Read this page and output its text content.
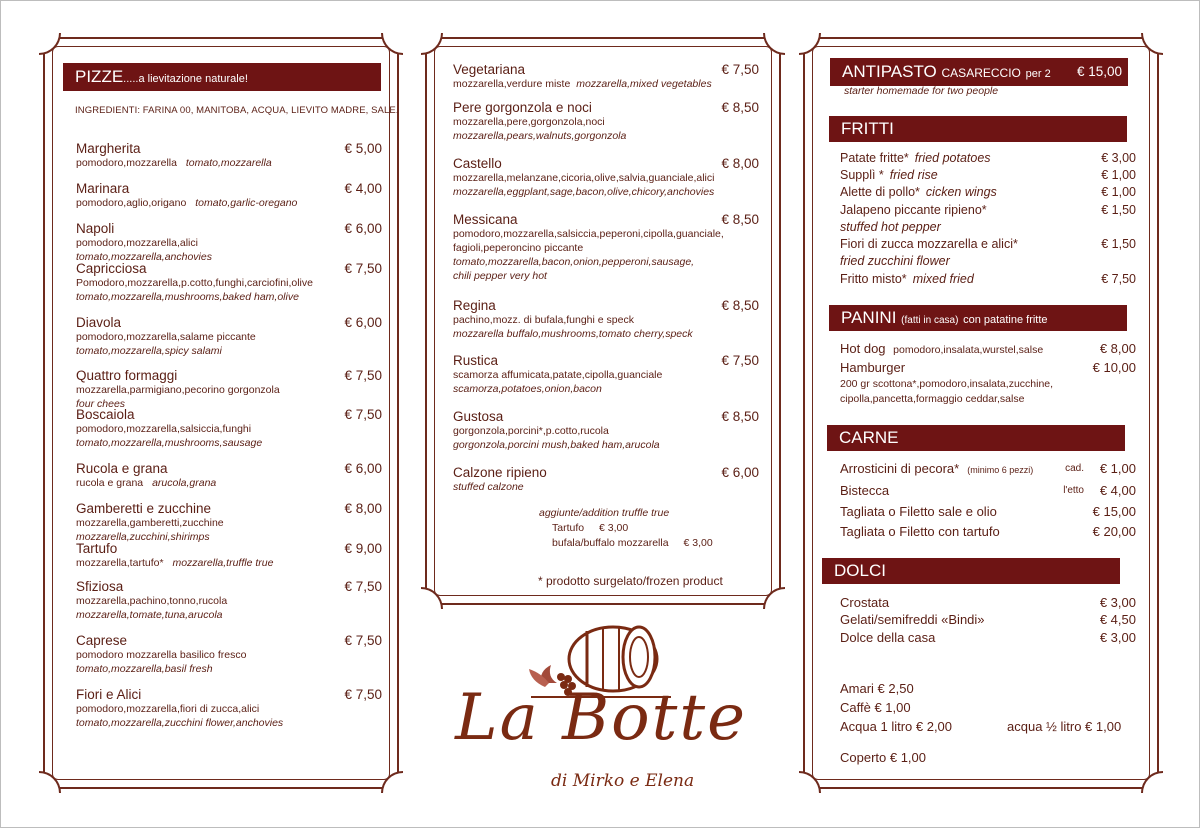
PIZZE.....a lievitazione naturale!
INGREDIENTI: FARINA 00, MANITOBA, ACQUA, LIEVITO MADRE, SALE.
Margherita	€ 5,00
pomodoro,mozzarella tomato,mozzarella
Marinara	€ 4,00
pomodoro,aglio,origano tomato,garlic-oregano
Napoli	€ 6,00
pomodoro,mozzarella,alici
tomato,mozzarella,anchovies
Capricciosa	€ 7,50
Pomodoro,mozzarella,p.cotto,funghi,carciofini,olive
tomato,mozzarella,mushrooms,baked ham,olive
Diavola	€ 6,00
pomodoro,mozzarella,salame piccante
tomato,mozzarella,spicy salami
Quattro formaggi	€ 7,50
mozzarella,parmigiano,pecorino gorgonzola
four chees
Boscaiola	€ 7,50
pomodoro,mozzarella,salsiccia,funghi
tomato,mozzarella,mushrooms,sausage
Rucola e grana	€ 6,00
rucola e grana arucola,grana
Gamberetti e zucchine	€ 8,00
mozzarella,gamberetti,zucchine
mozzarella,zucchini,shirimps
Tartufo	€ 9,00
mozzarella,tartufo* mozzarella,truffle true
Sfiziosa	€ 7,50
mozzarella,pachino,tonno,rucola
mozzarella,tomate,tuna,arucola
Caprese	€ 7,50
pomodoro mozzarella basilico fresco
tomato,mozzarella,basil fresh
Fiori e Alici	€ 7,50
pomodoro,mozzarella,fiori di zucca,alici
tomato,mozzarella,zucchini flower,anchovies
Vegetariana	€ 7,50
mozzarella,verdure miste mozzarella,mixed vegetables
Pere gorgonzola e noci	€ 8,50
mozzarella,pere,gorgonzola,noci
mozzarella,pears,walnuts,gorgonzola
Castello	€ 8,00
mozzarella,melanzane,cicoria,olive,salvia,guanciale,alici
mozzarella,eggplant,sage,bacon,olive,chicory,anchovies
Messicana	€ 8,50
pomodoro,mozzarella,salsiccia,peperoni,cipolla,guanciale,
fagioli,peperoncino piccante
tomato,mozzarella,bacon,onion,pepperoni,sausage,
chili pepper very hot
Regina	€ 8,50
pachino,mozz. di bufala,funghi e speck
mozzarella buffalo,mushrooms,tomato cherry,speck
Rustica	€ 7,50
scamorza affumicata,patate,cipolla,guanciale
scamorza,potatoes,onion,bacon
Gustosa	€ 8,50
gorgonzola,porcini*,p.cotto,rucola
gorgonzola,porcini mush,baked ham,arucola
Calzone ripieno	€ 6,00
stuffed calzone
aggiunte/addition truffle true
Tartufo € 3,00
bufala/buffalo mozzarella € 3,00
* prodotto surgelato/frozen product
La Botte
di Mirko e Elena
ANTIPASTO CASARECCIO per 2 € 15,00
starter homemade for two people
FRITTI
Patate fritte* fried potatoes	€ 3,00
Supplì * fried rise	€ 1,00
Alette di pollo* cicken wings	€ 1,00
Jalapeno piccante ripieno*	€ 1,50
stuffed hot pepper
Fiori di zucca mozzarella e alici*	€ 1,50
fried zucchini flower
Fritto misto* mixed fried	€ 7,50
PANINI (fatti in casa) con patatine fritte
Hot dog pomodoro,insalata,wurstel,salse	€ 8,00
Hamburger	€ 10,00
200 gr scottona*,pomodoro,insalata,zucchine,
cipolla,pancetta,formaggio ceddar,salse
CARNE
Arrosticini di pecora* (minimo 6 pezzi)	cad. € 1,00
Bistecca	l'etto € 4,00
Tagliata o Filetto sale e olio	€ 15,00
Tagliata o Filetto con tartufo	€ 20,00
DOLCI
Crostata	€ 3,00
Gelati/semifreddi «Bindi»	€ 4,50
Dolce della casa	€ 3,00
Amari € 2,50
Caffè € 1,00
Acqua 1 litro € 2,00	acqua ½ litro € 1,00
Coperto € 1,00
